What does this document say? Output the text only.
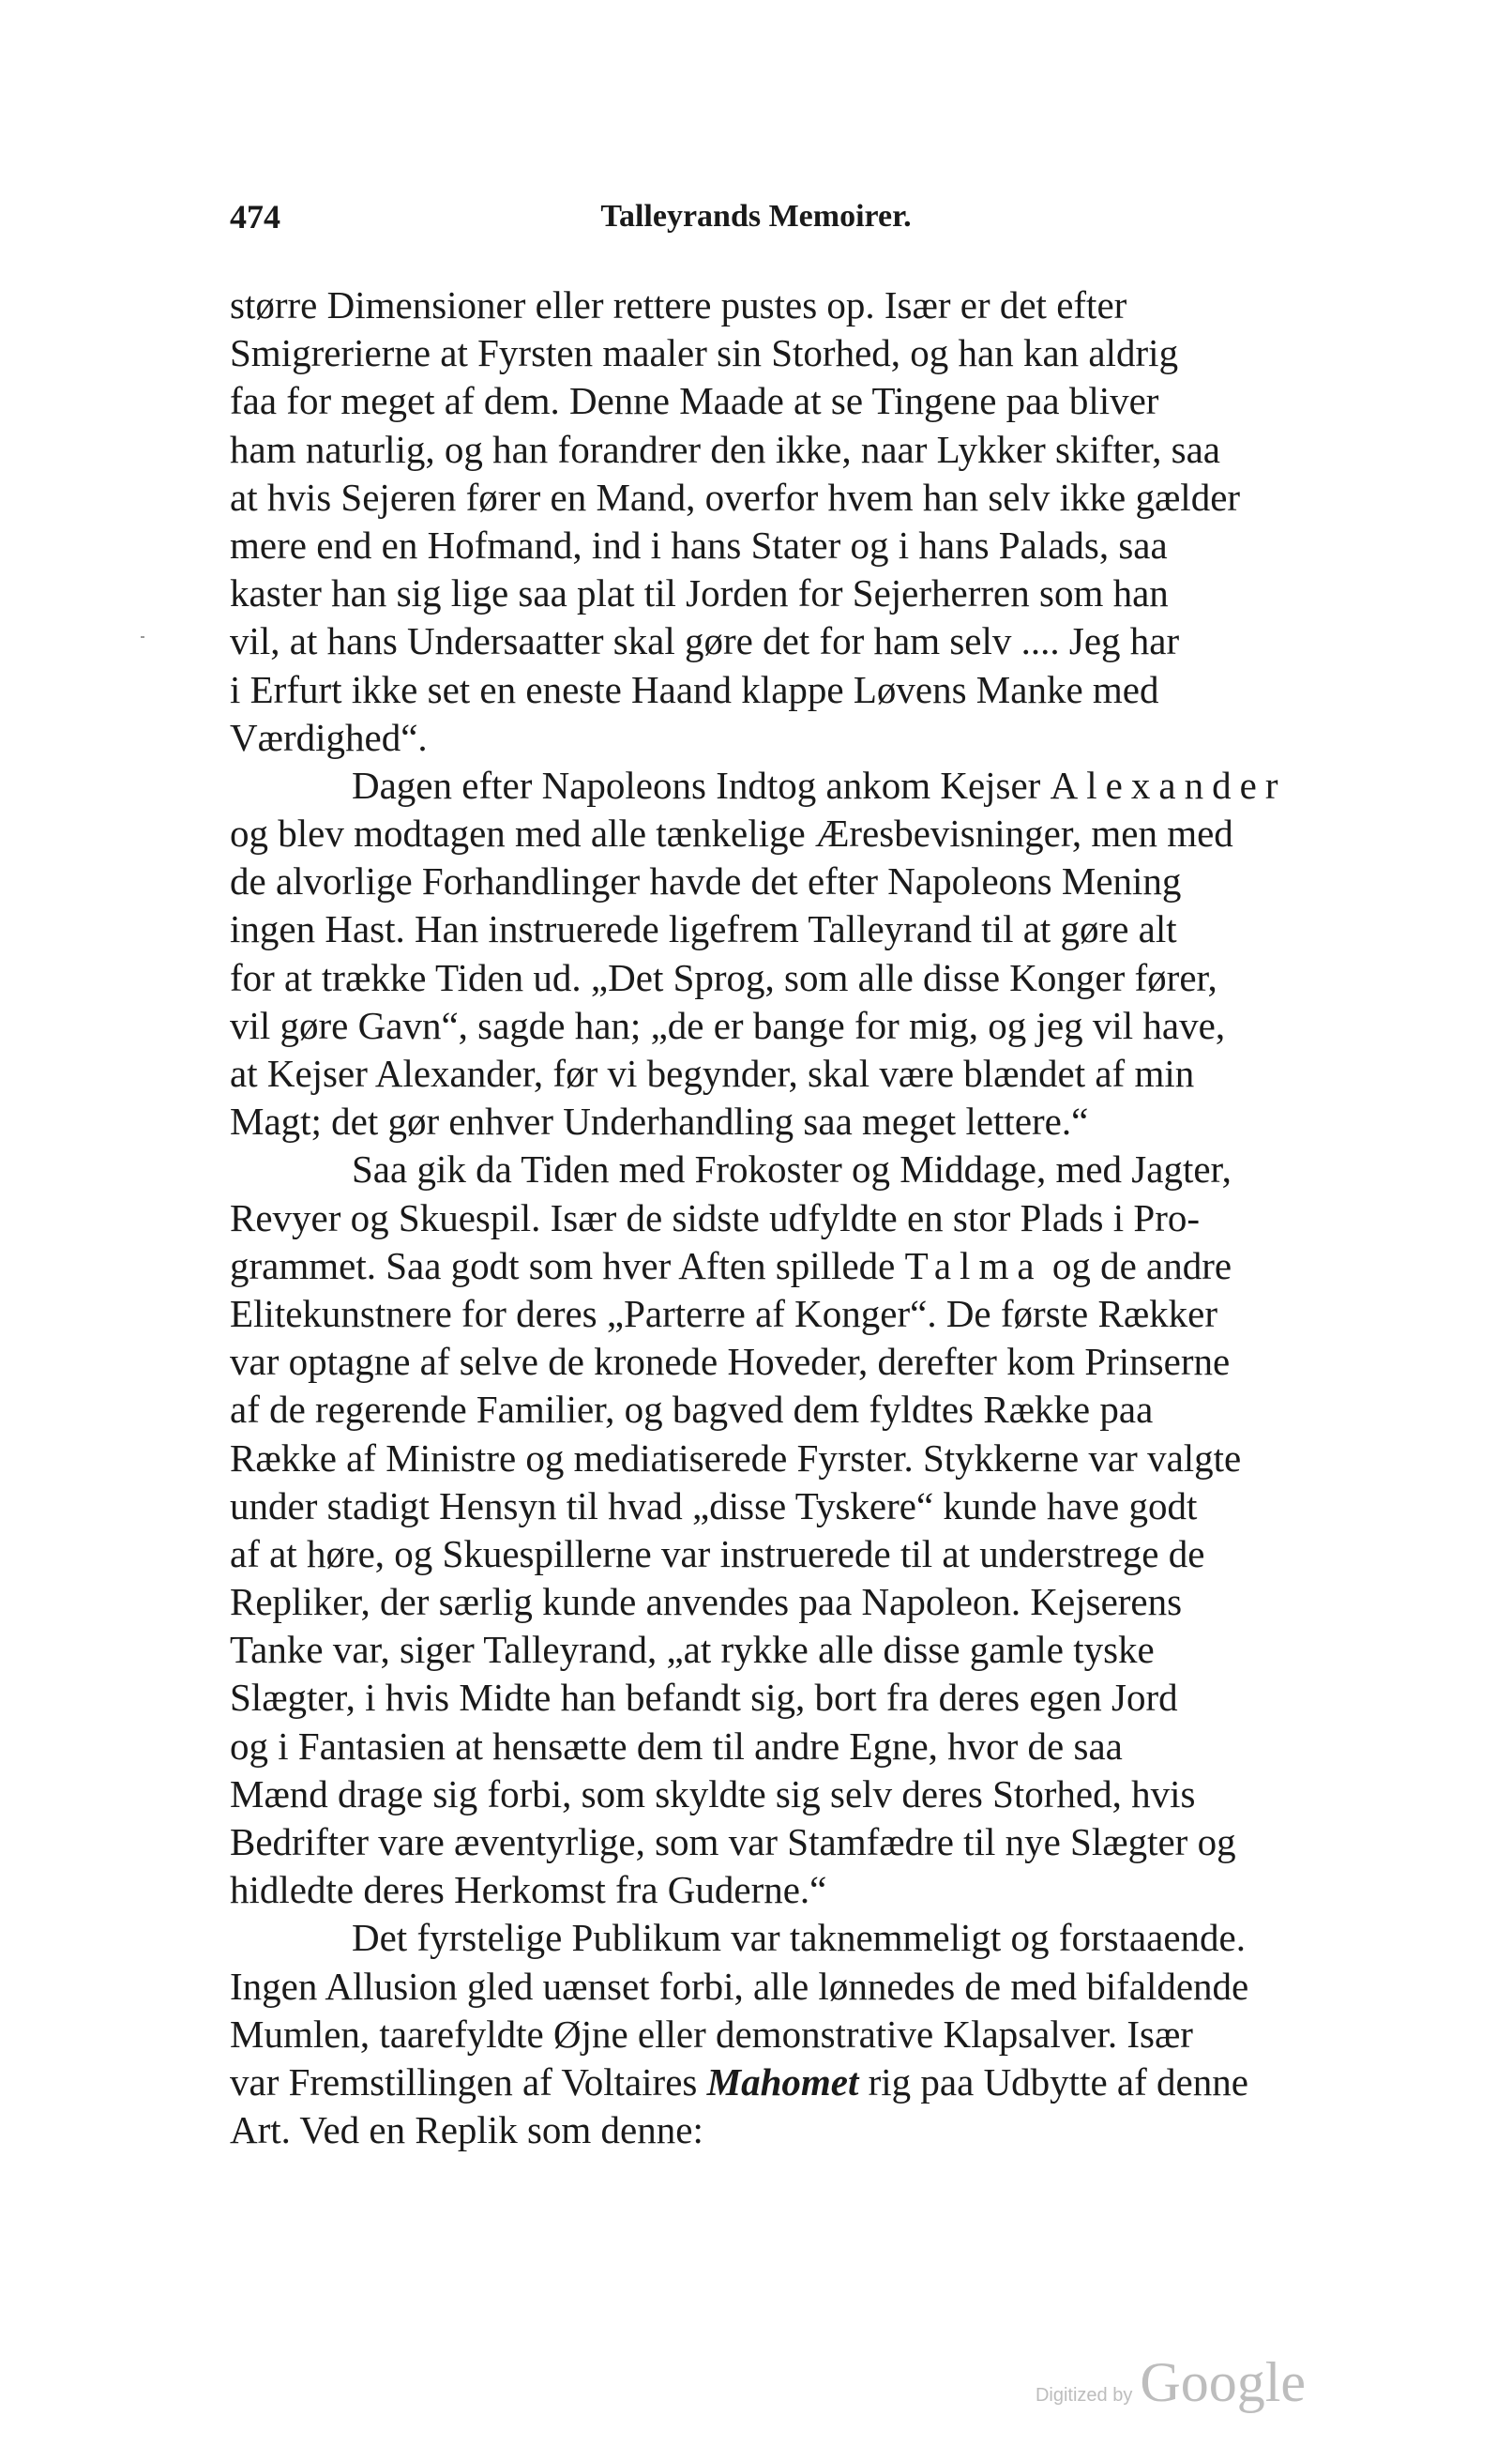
474	Talleyrands Memoirer.
større Dimensioner eller rettere pustes op. Især er det efter
Smigrerierne at Fyrsten maaler sin Storhed, og han kan aldrig
faa for meget af dem. Denne Maade at se Tingene paa bliver
ham naturlig, og han forandrer den ikke, naar Lykker skifter, saa
at hvis Sejeren fører en Mand, overfor hvem han selv ikke gælder
mere end en Hofmand, ind i hans Stater og i hans Palads, saa
kaster han sig lige saa plat til Jorden for Sejerherren som han
vil, at hans Undersaatter skal gøre det for ham selv .... Jeg har
i Erfurt ikke set en eneste Haand klappe Løvens Manke med
Værdighed“.
Dagen efter Napoleons Indtog ankom Kejser Alexander
og blev modtagen med alle tænkelige Æresbevisninger, men med
de alvorlige Forhandlinger havde det efter Napoleons Mening
ingen Hast. Han instruerede ligefrem Talleyrand til at gøre alt
for at trække Tiden ud. „Det Sprog, som alle disse Konger fører,
vil gøre Gavn“, sagde han; „de er bange for mig, og jeg vil have,
at Kejser Alexander, før vi begynder, skal være blændet af min
Magt; det gør enhver Underhandling saa meget lettere.“
Saa gik da Tiden med Frokoster og Middage, med Jagter,
Revyer og Skuespil. Især de sidste udfyldte en stor Plads i Pro-
grammet. Saa godt som hver Aften spillede Talma og de andre
Elitekunstnere for deres „Parterre af Konger“. De første Rækker
var optagne af selve de kronede Hoveder, derefter kom Prinserne
af de regerende Familier, og bagved dem fyldtes Række paa
Række af Ministre og mediatiserede Fyrster. Stykkerne var valgte
under stadigt Hensyn til hvad „disse Tyskere“ kunde have godt
af at høre, og Skuespillerne var instruerede til at understrege de
Repliker, der særlig kunde anvendes paa Napoleon. Kejserens
Tanke var, siger Talleyrand, „at rykke alle disse gamle tyske
Slægter, i hvis Midte han befandt sig, bort fra deres egen Jord
og i Fantasien at hensætte dem til andre Egne, hvor de saa
Mænd drage sig forbi, som skyldte sig selv deres Storhed, hvis
Bedrifter vare æventyrlige, som var Stamfædre til nye Slægter og
hidledte deres Herkomst fra Guderne.“
Det fyrstelige Publikum var taknemmeligt og forstaaende.
Ingen Allusion gled uænset forbi, alle lønnedes de med bifaldende
Mumlen, taarefyldte Øjne eller demonstrative Klapsalver. Især
var Fremstillingen af Voltaires Mahomet rig paa Udbytte af denne
Art. Ved en Replik som denne:
Digitized by Google
